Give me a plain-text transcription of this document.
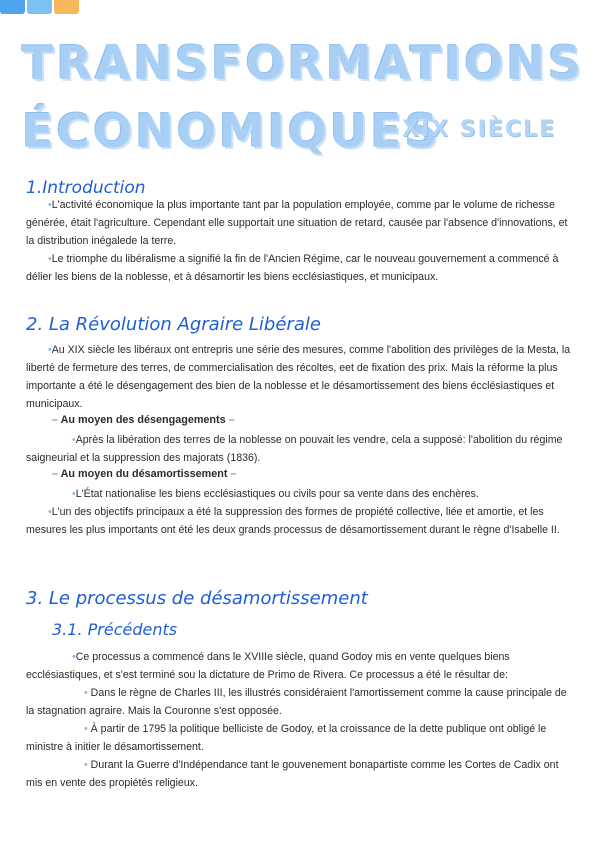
TRANSFORMATIONS
ÉCONOMIQUES
XIX SIÈCLE
1.Introduction
•L'activité économique la plus importante tant par la population employée, comme par le volume de richesse générée, était l'agriculture. Cependant elle supportait une situation de retard, causée par l'absence d'innovations, et la distribution inégalede la terre.
•Le triomphe du libéralisme a signifié la fin de l'Ancien Régime, car le nouveau gouvernement a commencé à délier les biens de la noblesse, et à désamortir les biens ecclésiastiques, et municipaux.
2. La Révolution Agraire Libérale
•Au XIX siècle les libéraux ont entrepris une série des mesures, comme l'abolition des privilèges de la Mesta, la liberté de fermeture des terres, de commercialisation des récoltes, eet de fixation des prix. Mais la réforme la plus importante a été le désengagement des bien de la noblesse et le désamortissement des biens écclésiastiques et municipaux.
– Au moyen des désengagements –
•Après la libération des terres de la noblesse on pouvait les vendre, cela a supposé: l'abolition du régime saigneurial et la suppression des majorats (1836).
– Au moyen du désamortissement –
•L'État nationalise les biens ecclésiastiques ou civils pour sa vente dans des enchères.
•L'un des objectifs principaux a été la suppression des formes de propiété collective, liée et amortie, et les mesures les plus importants ont été les deux grands processus de désamortissement durant le règne d'Isabelle II.
3. Le processus de désamortissement
3.1. Précédents
•Ce processus a commencé dans le XVIIIe siècle, quand Godoy mis en vente quelques biens ecclésiastiques, et s'est terminé sou la dictature de Primo de Rivera. Ce processus a été le résultar de:
• Dans le règne de Charles III, les illustrés considéraient l'amortissement comme la cause principale de la stagnation agraire. Mais la Couronne s'est opposée.
• À partir de 1795 la politique belliciste de Godoy, et la croissance de la dette publique ont obligé le ministre à initier le désamortissement.
• Durant la Guerre d'Indépendance tant le gouvenement bonapartiste comme les Cortes de Cadix ont mis en vente des propiétés religieux.
